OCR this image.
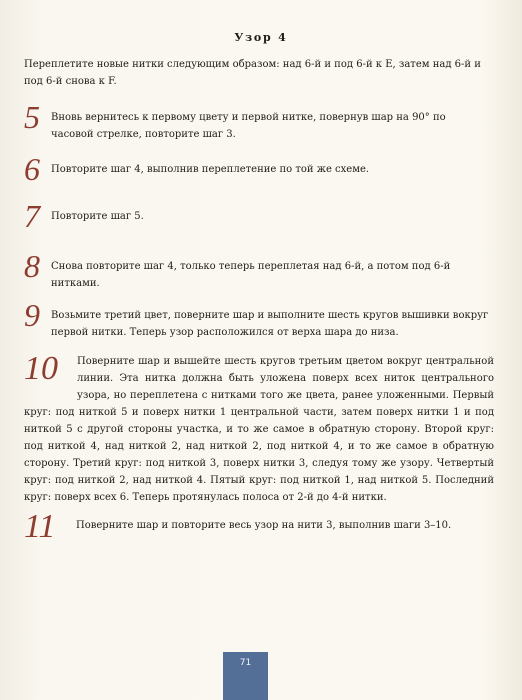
Узор 4
Переплетите новые нитки следующим образом: над 6-й и под 6-й к E, затем над 6-й и под 6-й снова к F.
5 Вновь вернитесь к первому цвету и первой нитке, повернув шар на 90° по часовой стрелке, повторите шаг 3.
6 Повторите шаг 4, выполнив переплетение по той же схеме.
7 Повторите шаг 5.
8 Снова повторите шаг 4, только теперь переплетая над 6-й, а потом под 6-й нитками.
9 Возьмите третий цвет, поверните шар и выполните шесть кругов вышивки вокруг первой нитки. Теперь узор расположился от верха шара до низа.
10	Поверните шар и вышейте шесть кругов третьим цветом вокруг центральной линии. Эта нитка должна быть уложена поверх всех ниток центрального узора, но переплетена с нитками того же цвета, ранее уложенными. Первый круг: под ниткой 5 и поверх нитки 1 центральной части, затем поверх нитки 1 и под ниткой 5 с другой стороны участка, и то же самое в обратную сторону. Второй круг: под ниткой 4, над ниткой 2, над ниткой 2, под ниткой 4, и то же самое в обратную сторону. Третий круг: под ниткой 3, поверх нитки 3, следуя тому же узору. Четвертый круг: под ниткой 2, над ниткой 4. Пятый круг: под ниткой 1, над ниткой 5. Последний круг: поверх всех 6. Теперь протянулась полоса от 2-й до 4-й нитки.
11 Поверните шар и повторите весь узор на нити 3, выполнив шаги 3–10.
71
